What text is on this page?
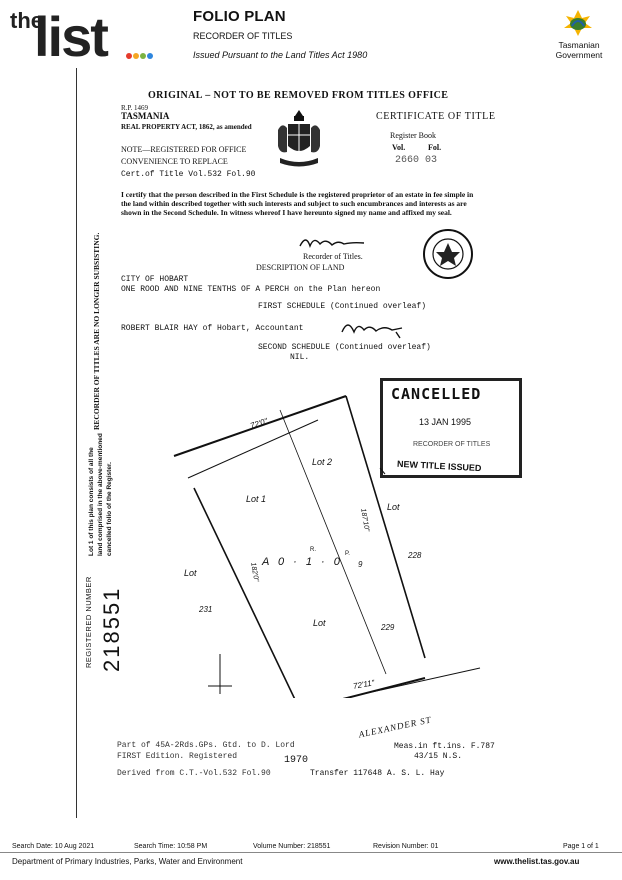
the
list	FOLIO PLAN
RECORDER OF TITLES
Issued Pursuant to the Land Titles Act 1980
Tasmanian
Government
ORIGINAL – NOT TO BE REMOVED FROM TITLES OFFICE
R.P. 1469
TASMANIA
REAL PROPERTY ACT, 1862, as amended
CERTIFICATE OF TITLE
Register Book
Vol.	Fol.
2660 03
NOTE—REGISTERED FOR OFFICE
CONVENIENCE TO REPLACE
Cert.of Title Vol.532 Fol.90
I certify that the person described in the First Schedule is the registered proprietor of an estate in fee simple in the land within described together with such interests and subject to such encumbrances and interests as are shown in the Second Schedule. In witness whereof I have hereunto signed my name and affixed my seal.
Recorder of Titles.
DESCRIPTION OF LAND
CITY OF HOBART
ONE ROOD AND NINE TENTHS OF A PERCH on the Plan hereon
FIRST SCHEDULE (Continued overleaf)
ROBERT BLAIR HAY of Hobart, Accountant
SECOND SCHEDULE (Continued overleaf)
NIL.
CANCELLED
13 JAN 1995
RECORDER OF TITLES
NEW TITLE ISSUED
RECORDER OF TITLES ARE NO LONGER SUBSISTING.
Lot 1 of this plan consists of all the land comprised in the above-mentioned cancelled folio of the Register.
REGISTERED NUMBER 218551
72'0"
Lot 2
Lot 1
Lot
187'10"
R.
P.
A 0 · 1 · 0 9
228
182'0"
Lot
231
Lot	229
72'11"
ALEXANDER ST
Part of 45A-2Rds.GPs. Gtd. to D. Lord
FIRST Edition. Registered	1970
Derived from C.T.-Vol.532 Fol.90	Transfer 117648 A. S. L. Hay
Meas.in ft.ins. F.787
43/15 N.S.
Search Date: 10 Aug 2021	Search Time: 10:58 PM	Volume Number: 218551	Revision Number: 01	Page 1 of 1
Department of Primary Industries, Parks, Water and Environment	www.thelist.tas.gov.au
